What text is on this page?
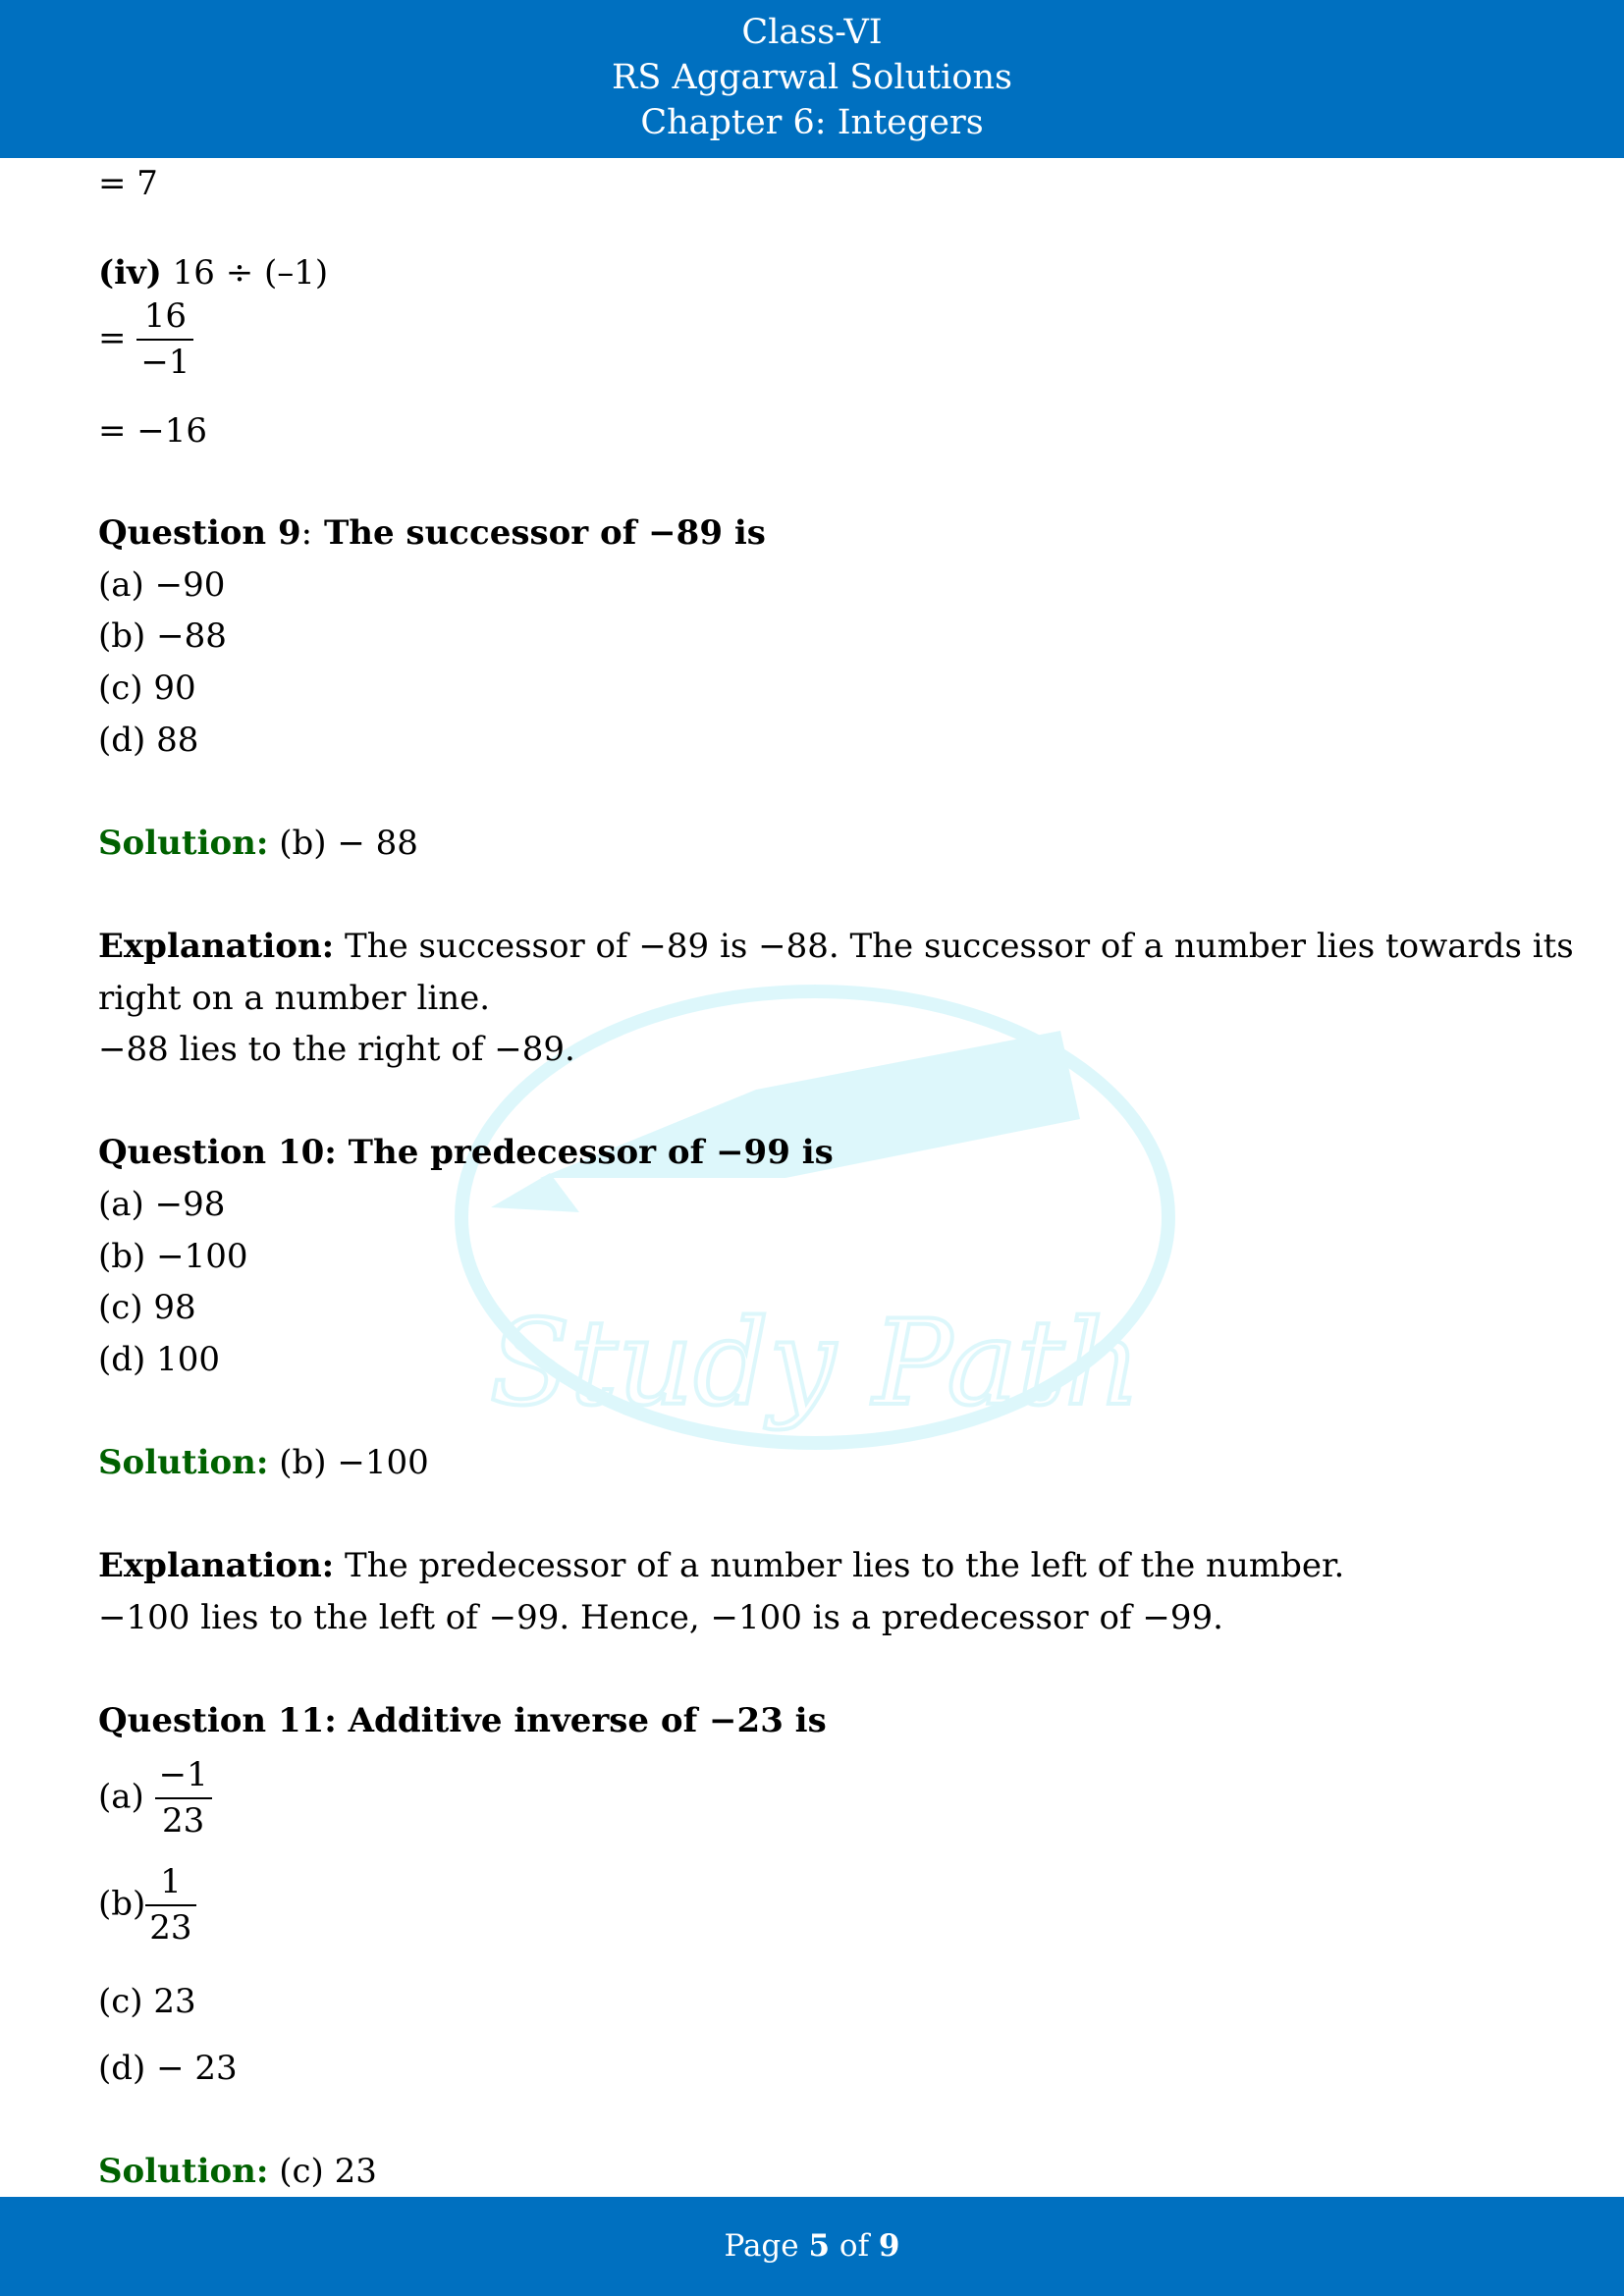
Class-VI
RS Aggarwal Solutions
Chapter 6: Integers
Study Path
= 7
(iv) 16 ÷ (–1)
= $\frac{16}{-1}$
= −16
Question 9: The successor of −89 is
(a) −90
(b) −88
(c) 90
(d) 88
Solution: (b) − 88
Explanation: The successor of −89 is −88. The successor of a number lies towards its
right on a number line.
−88 lies to the right of −89.
Question 10: The predecessor of −99 is
(a) −98
(b) −100
(c) 98
(d) 100
Solution: (b) −100
Explanation: The predecessor of a number lies to the left of the number.
−100 lies to the left of −99. Hence, −100 is a predecessor of −99.
Question 11: Additive inverse of −23 is
$(a) \frac{-1}{23}$
$(b) \frac{1}{23}$
(c) 23
(d) − 23
Solution: (c) 23
Page 5 of 9
